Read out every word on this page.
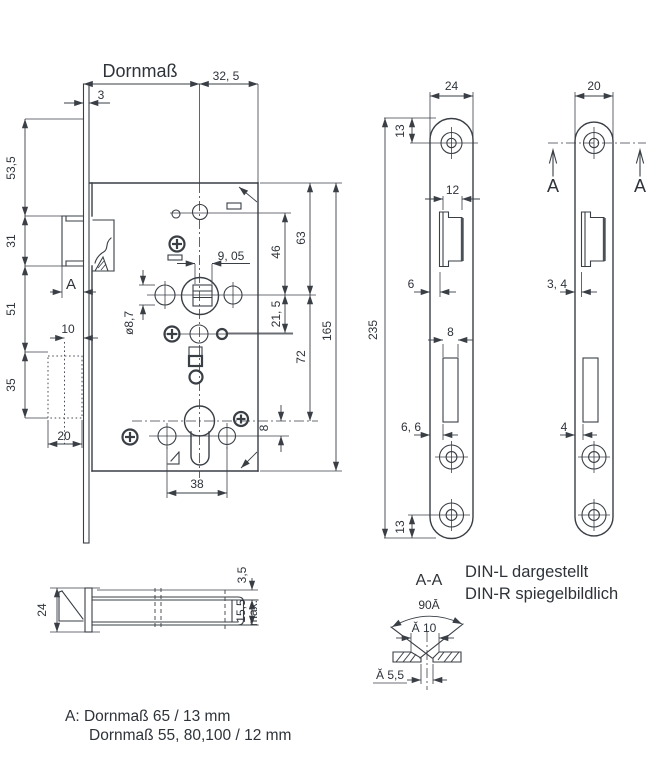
Dornmaß	32, 5
3
53,5
31
51
35
A
10
20
9, 05
ø8,7
46
63
21, 5
72
8
165
38
24
13
12
6
8
6, 6
13
235
A	A
20
3, 4
4
24
3,5
15,5
max.
A-A
90Ā
Ă 10
Ă 5,5
DIN-L dargestellt
DIN-R spiegelbildlich
A: Dornmaß 65 / 13 mm
Dornmaß 55, 80,100 / 12 mm
